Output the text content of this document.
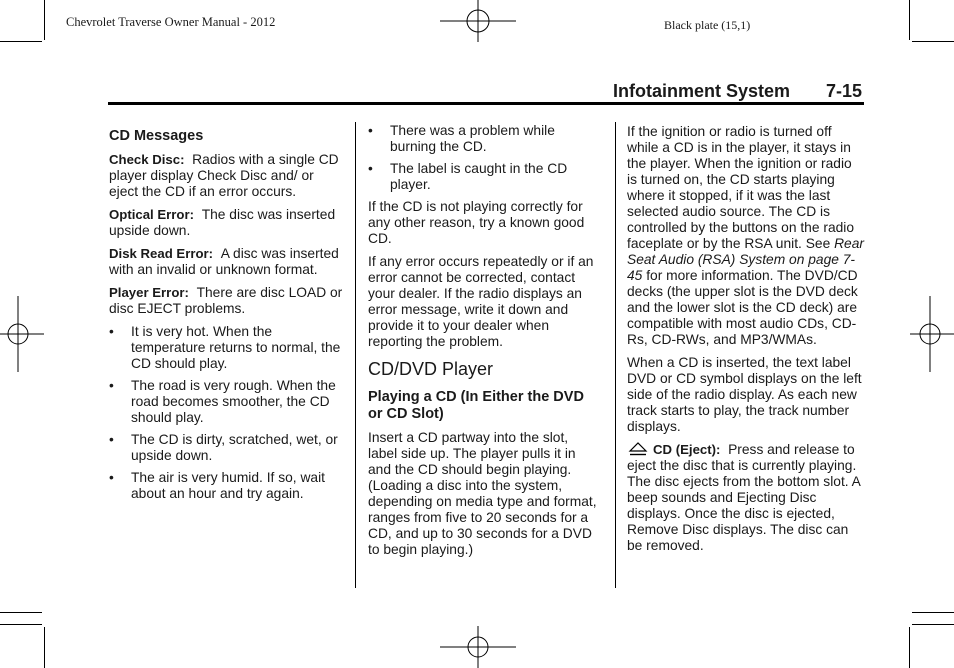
Chevrolet Traverse Owner Manual - 2012	Black plate (15,1)
Infotainment System 7-15
CD Messages

Check Disc: Radios with a single CD player display Check Disc and/ or eject the CD if an error occurs.

Optical Error: The disc was inserted upside down.

Disk Read Error: A disc was inserted with an invalid or unknown format.

Player Error: There are disc LOAD or disc EJECT problems.

• It is very hot. When the temperature returns to normal, the CD should play.
• The road is very rough. When the road becomes smoother, the CD should play.
• The CD is dirty, scratched, wet, or upside down.
• The air is very humid. If so, wait about an hour and try again.
• There was a problem while burning the CD.
• The label is caught in the CD player.

If the CD is not playing correctly for any other reason, try a known good CD.

If any error occurs repeatedly or if an error cannot be corrected, contact your dealer. If the radio displays an error message, write it down and provide it to your dealer when reporting the problem.

CD/DVD Player
Playing a CD (In Either the DVD or CD Slot)

Insert a CD partway into the slot, label side up. The player pulls it in and the CD should begin playing. (Loading a disc into the system, depending on media type and format, ranges from five to 20 seconds for a CD, and up to 30 seconds for a DVD to begin playing.)

If the ignition or radio is turned off while a CD is in the player, it stays in the player. When the ignition or radio is turned on, the CD starts playing where it stopped, if it was the last selected audio source. The CD is controlled by the buttons on the radio faceplate or by the RSA unit. See Rear Seat Audio (RSA) System on page 7-45 for more information. The DVD/CD decks (the upper slot is the DVD deck and the lower slot is the CD deck) are compatible with most audio CDs, CD-Rs, CD-RWs, and MP3/WMAs.

When a CD is inserted, the text label DVD or CD symbol displays on the left side of the radio display. As each new track starts to play, the track number displays.

CD (Eject): Press and release to eject the disc that is currently playing. The disc ejects from the bottom slot. A beep sounds and Ejecting Disc displays. Once the disc is ejected, Remove Disc displays. The disc can be removed.
